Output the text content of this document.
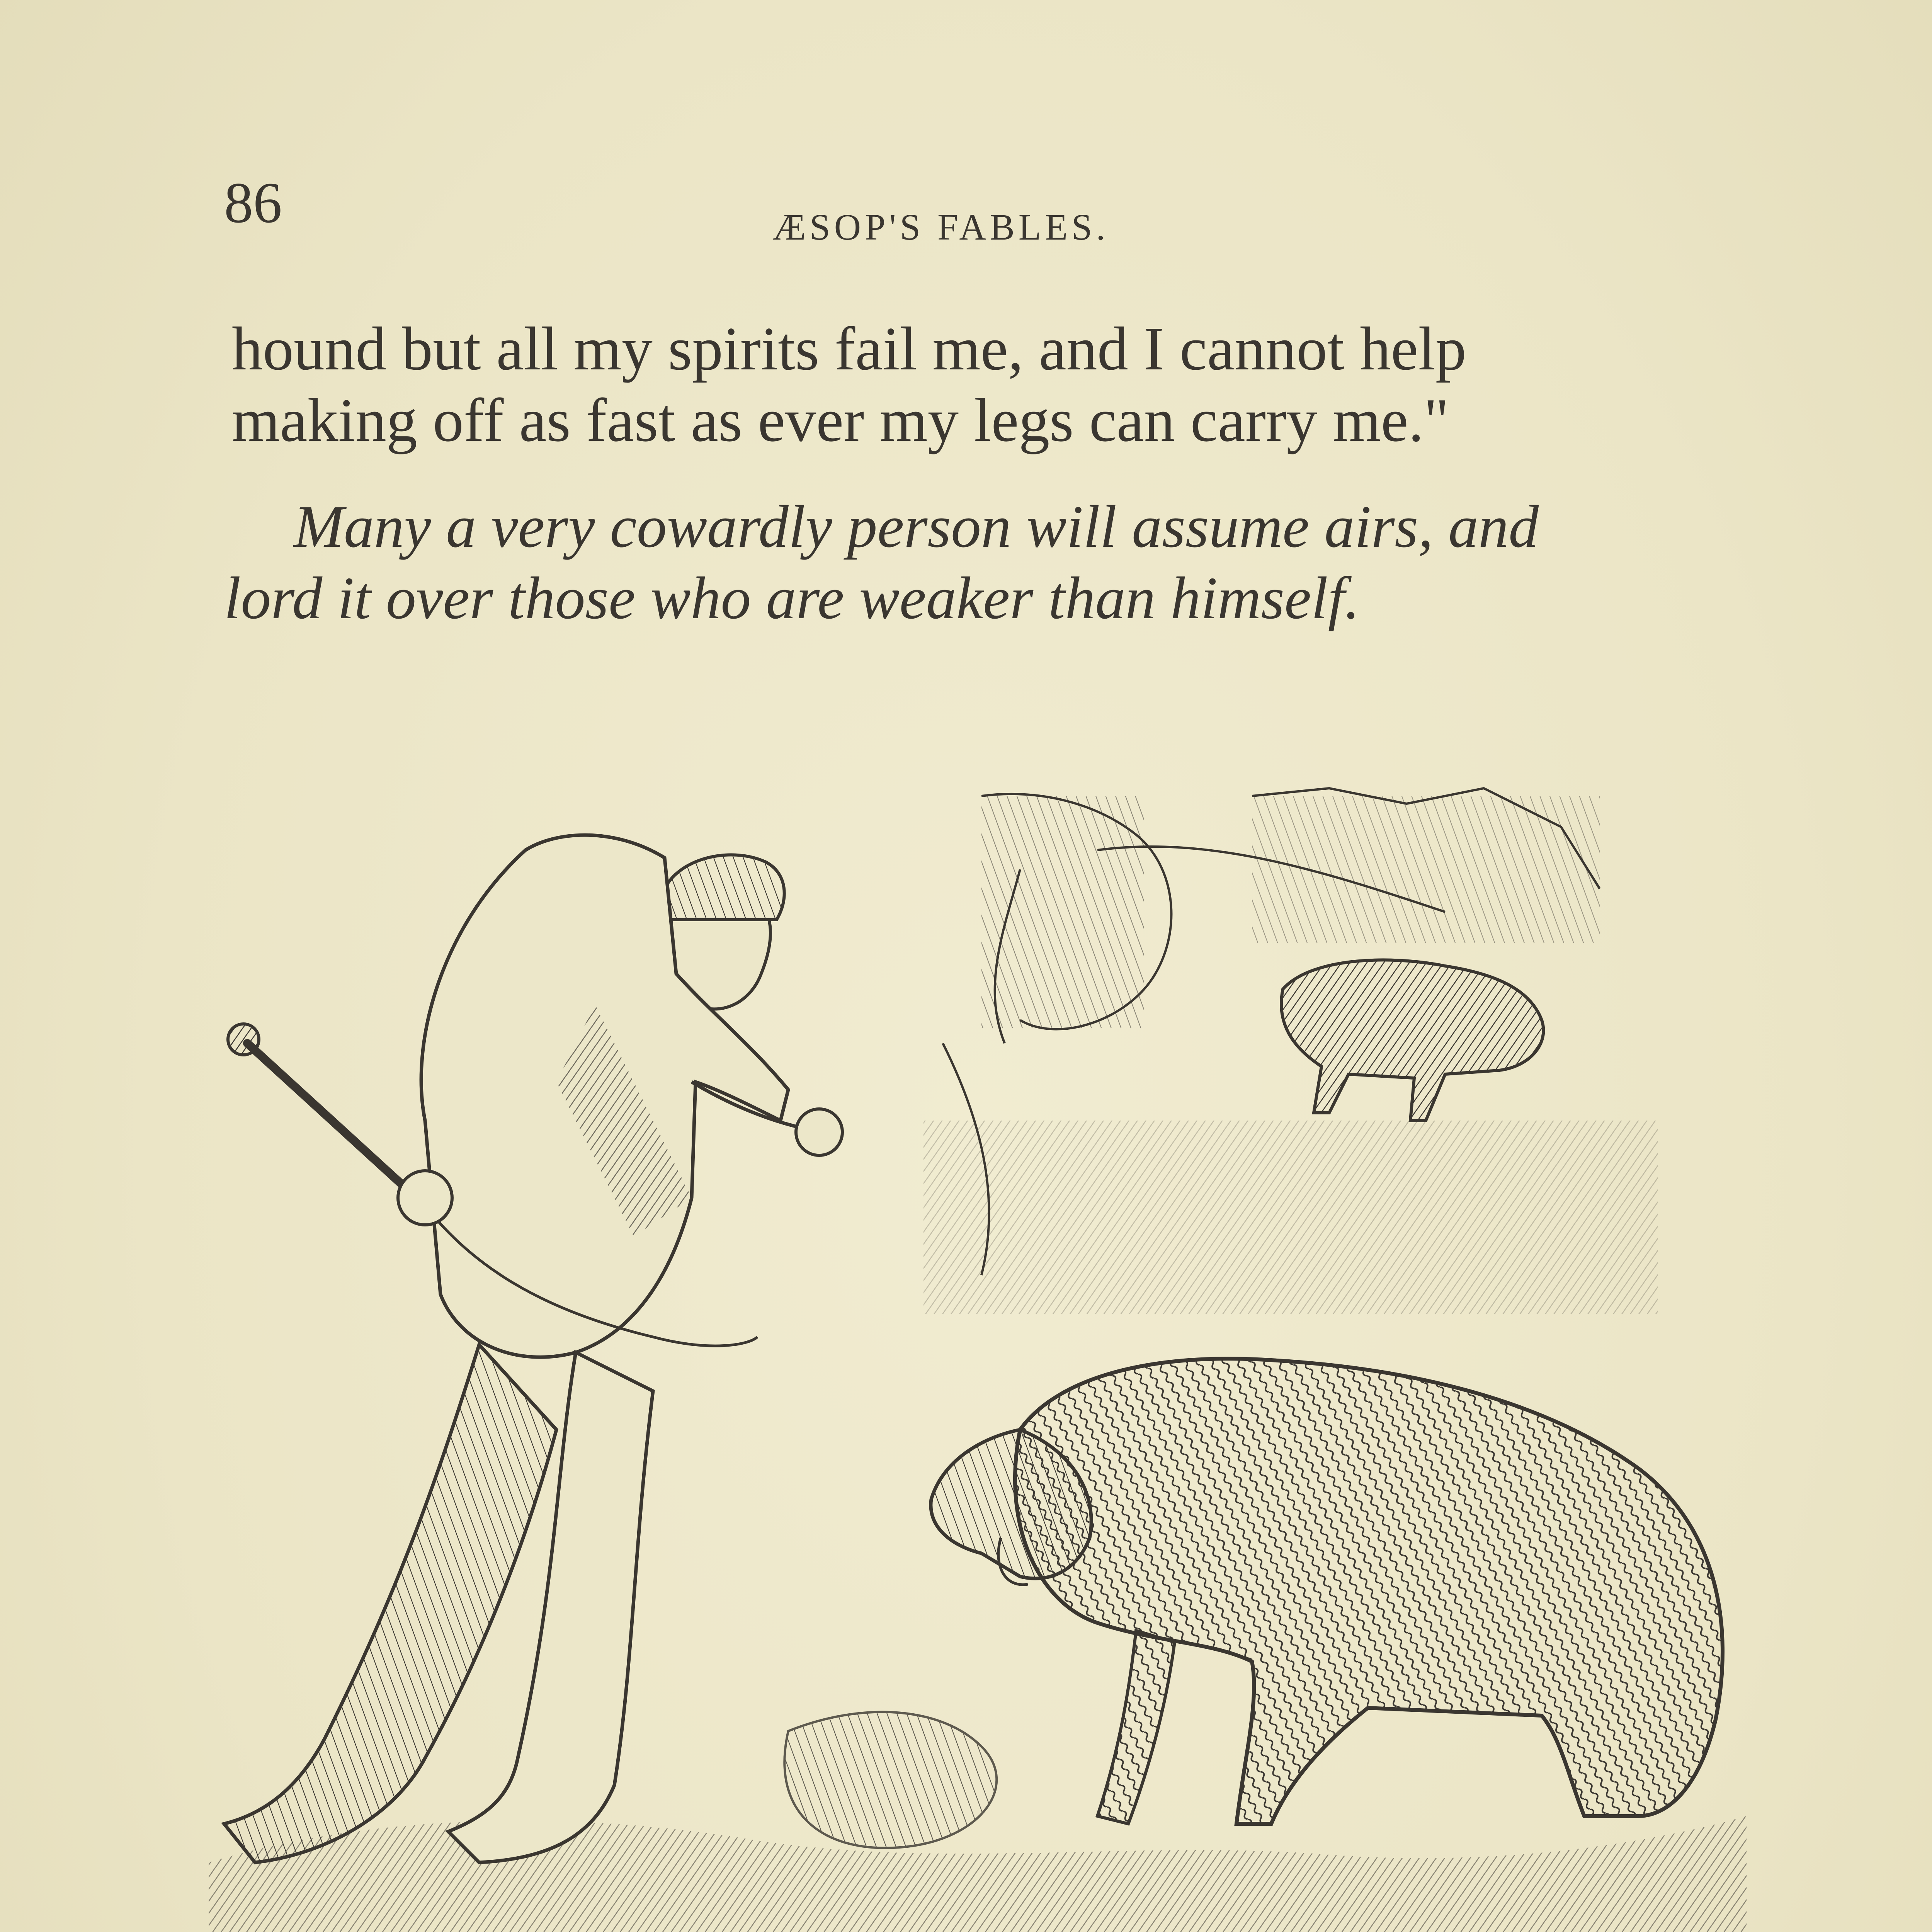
86	ÆSOP'S FABLES.
hound but all my spirits fail me, and I cannot help
making off as fast as ever my legs can carry me."
Many a very cowardly person will assume airs, and
lord it over those who are weaker than himself.
